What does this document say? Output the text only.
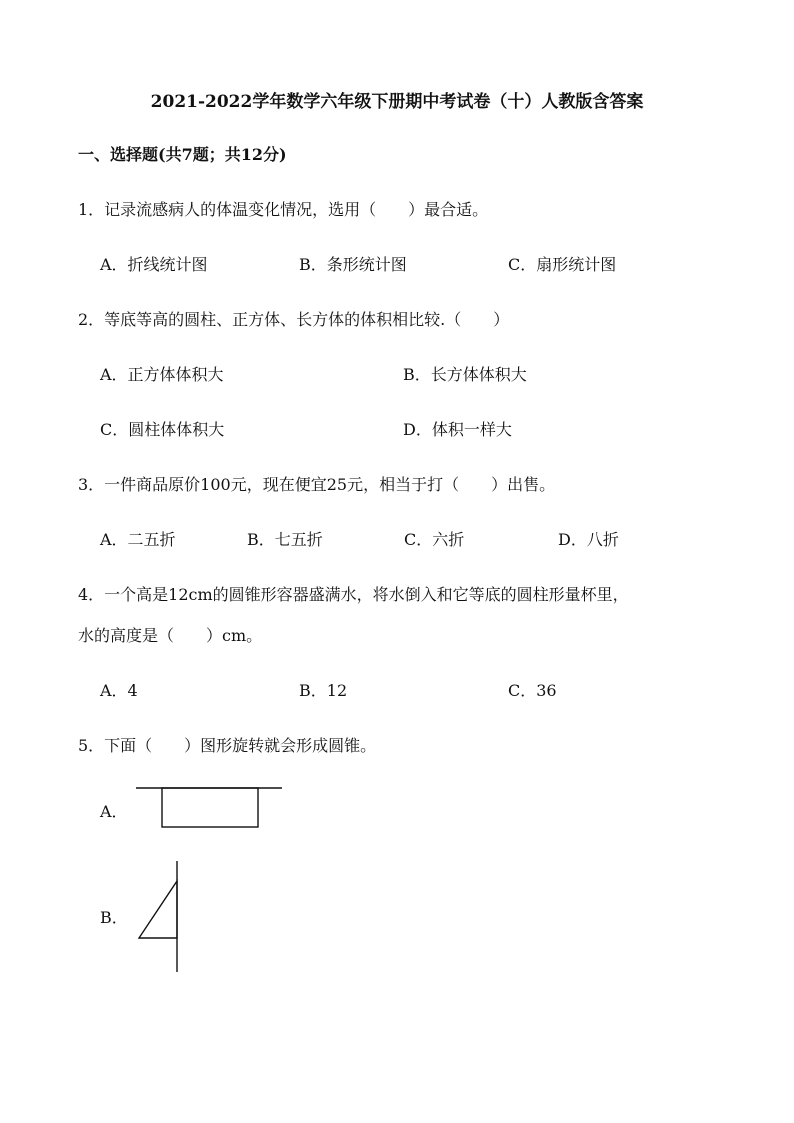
2021-2022学年数学六年级下册期中考试卷（十）人教版含答案
一、选择题(共7题；共12分)
1．记录流感病人的体温变化情况，选用（　　）最合适。
A．折线统计图	B．条形统计图	C．扇形统计图
2．等底等高的圆柱、正方体、长方体的体积相比较.（　　）
A．正方体体积大	B．长方体体积大
C．圆柱体体积大	D．体积一样大
3．一件商品原价100元，现在便宜25元，相当于打（　　）出售。
A．二五折	B．七五折	C．六折	D．八折
4．一个高是12cm的圆锥形容器盛满水，将水倒入和它等底的圆柱形量杯里，
水的高度是（　　）cm。
A．4	B．12	C．36
5．下面（　　）图形旋转就会形成圆锥。
A．
B．
